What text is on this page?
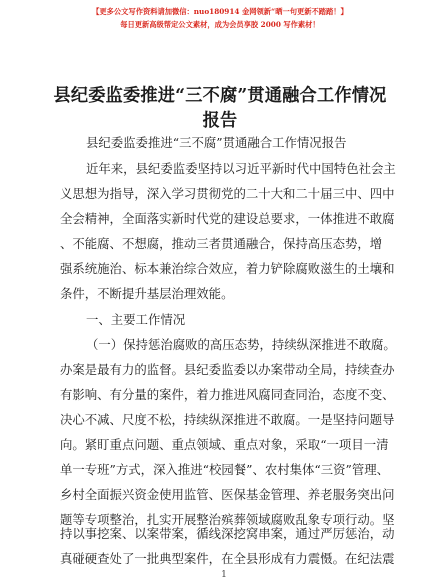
【更多公文写作资料请加微信：nuo180914 金网领新“晒一句更新不踏踏！】
每日更新高级帮定公文素材，成为会员享胶 2000 写作素材！
县纪委监委推进“三不腐”贯通融合工作情况
报告
县纪委监委推进“三不腐”贯通融合工作情况报告
近年来，县纪委监委坚持以习近平新时代中国特色社会主
义思想为指导，深入学习贯彻党的二十大和二十届三中、四中
全会精神，全面落实新时代党的建设总要求，一体推进不敢腐
、不能腐、不想腐，推动三者贯通融合，保持高压态势，增
强系统施治、标本兼治综合效应，着力铲除腐败滋生的土壤和
条件，不断提升基层治理效能。
一、主要工作情况
（一）保持惩治腐败的高压态势，持续纵深推进不敢腐。
办案是最有力的监督。县纪委监委以办案带动全局，持续查办
有影响、有分量的案件，着力推进风腐同查同治，态度不变、
决心不减、尺度不松，持续纵深推进不敢腐。一是坚持问题导
向。紧盯重点问题、重点领域、重点对象，采取“一项目一清
单一专班”方式，深入推进“校园餐”、农村集体“三资”管理、
乡村全面振兴资金使用监管、医保基金管理、养老服务突出问
题等专项整治，扎实开展整治殡葬领域腐败乱象专项行动。坚
1
持以事挖案、以案带案，循线深挖窝串案，通过严厉惩治，动
真碰硬查处了一批典型案件，在全县形成有力震慑。在纪法震
